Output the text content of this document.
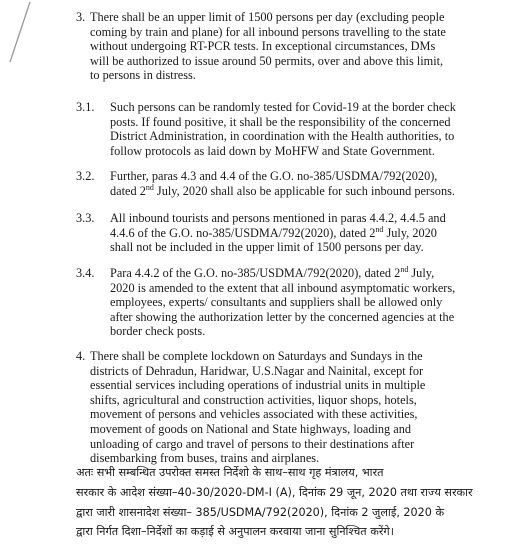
3. There shall be an upper limit of 1500 persons per day (excluding people
coming by train and plane) for all inbound persons travelling to the state
without undergoing RT-PCR tests. In exceptional circumstances, DMs
will be authorized to issue around 50 permits, over and above this limit,
to persons in distress.
3.1. Such persons can be randomly tested for Covid-19 at the border check
posts. If found positive, it shall be the responsibility of the concerned
District Administration, in coordination with the Health authorities, to
follow protocols as laid down by MoHFW and State Government.
3.2. Further, paras 4.3 and 4.4 of the G.O. no-385/USDMA/792(2020),
dated 2nd July, 2020 shall also be applicable for such inbound persons.
3.3. All inbound tourists and persons mentioned in paras 4.4.2, 4.4.5 and
4.4.6 of the G.O. no-385/USDMA/792(2020), dated 2nd July, 2020
shall not be included in the upper limit of 1500 persons per day.
3.4. Para 4.4.2 of the G.O. no-385/USDMA/792(2020), dated 2nd July,
2020 is amended to the extent that all inbound asymptomatic workers,
employees, experts/ consultants and suppliers shall be allowed only
after showing the authorization letter by the concerned agencies at the
border check posts.
4. There shall be complete lockdown on Saturdays and Sundays in the
districts of Dehradun, Haridwar, U.S.Nagar and Nainital, except for
essential services including operations of industrial units in multiple
shifts, agricultural and construction activities, liquor shops, hotels,
movement of persons and vehicles associated with these activities,
movement of goods on National and State highways, loading and
unloading of cargo and travel of persons to their destinations after
disembarking from buses, trains and airplanes.
अतः सभी सम्बन्धित उपरोक्त समस्त निर्देशो के साथ–साथ गृह मंत्रालय, भारत
सरकार के आदेश संख्या–40-30/2020-DM-I (A), दिनांक 29 जून, 2020 तथा राज्य सरकार
द्वारा जारी शासनादेश संख्या– 385/USDMA/792(2020), दिनांक 2 जुलाई, 2020 के
द्वारा निर्गत दिशा–निर्देशों का कड़ाई से अनुपालन करवाया जाना सुनिश्चित करेंगे।
